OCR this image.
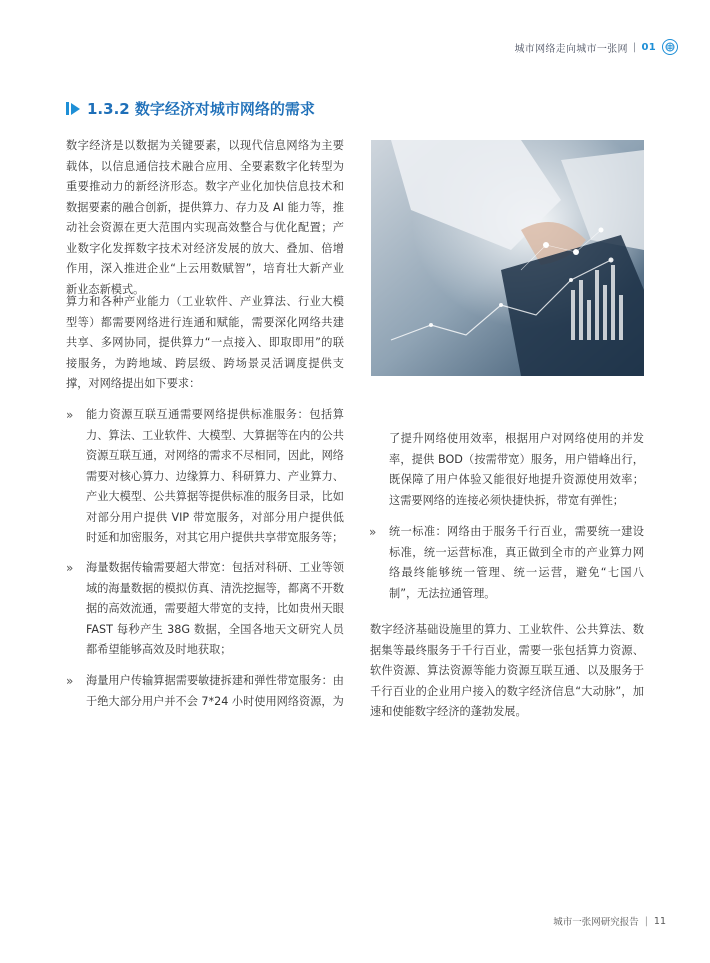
城市网络走向城市一张网 | 01
1.3.2 数字经济对城市网络的需求

数字经济是以数据为关键要素，以现代信息网络为主要载体，以信息通信技术融合应用、全要素数字化转型为重要推动力的新经济形态。数字产业化加快信息技术和数据要素的融合创新，提供算力、存力及 AI 能力等，推动社会资源在更大范围内实现高效整合与优化配置；产业数字化发挥数字技术对经济发展的放大、叠加、倍增作用，深入推进企业“上云用数赋智”，培育壮大新产业新业态新模式。

算力和各种产业能力（工业软件、产业算法、行业大模型等）都需要网络进行连通和赋能，需要深化网络共建共享、多网协同，提供算力“一点接入、即取即用”的联接服务，为跨地域、跨层级、跨场景灵活调度提供支撑，对网络提出如下要求：

» 能力资源互联互通需要网络提供标准服务：包括算力、算法、工业软件、大模型、大算据等在内的公共资源互联互通，对网络的需求不尽相同，因此，网络需要对核心算力、边缘算力、科研算力、产业算力、产业大模型、公共算据等提供标准的服务目录，比如对部分用户提供 VIP 带宽服务，对部分用户提供低时延和加密服务，对其它用户提供共享带宽服务等；
» 海量数据传输需要超大带宽：包括对科研、工业等领域的海量数据的模拟仿真、清洗挖掘等，都离不开数据的高效流通，需要超大带宽的支持，比如贵州天眼 FAST 每秒产生 38G 数据，全国各地天文研究人员都希望能够高效及时地获取；
» 海量用户传输算据需要敏捷拆建和弹性带宽服务：由于绝大部分用户并不会 7*24 小时使用网络资源，为

了提升网络使用效率，根据用户对网络使用的并发率，提供 BOD（按需带宽）服务，用户错峰出行，既保障了用户体验又能很好地提升资源使用效率；这需要网络的连接必须快捷快拆，带宽有弹性；

» 统一标准：网络由于服务千行百业，需要统一建设标准，统一运营标准，真正做到全市的产业算力网络最终能够统一管理、统一运营，避免“七国八制”，无法拉通管理。

数字经济基础设施里的算力、工业软件、公共算法、数据集等最终服务于千行百业，需要一张包括算力资源、软件资源、算法资源等能力资源互联互通、以及服务于千行百业的企业用户接入的数字经济信息“大动脉”，加速和使能数字经济的蓬勃发展。

城市一张网研究报告 | 11
